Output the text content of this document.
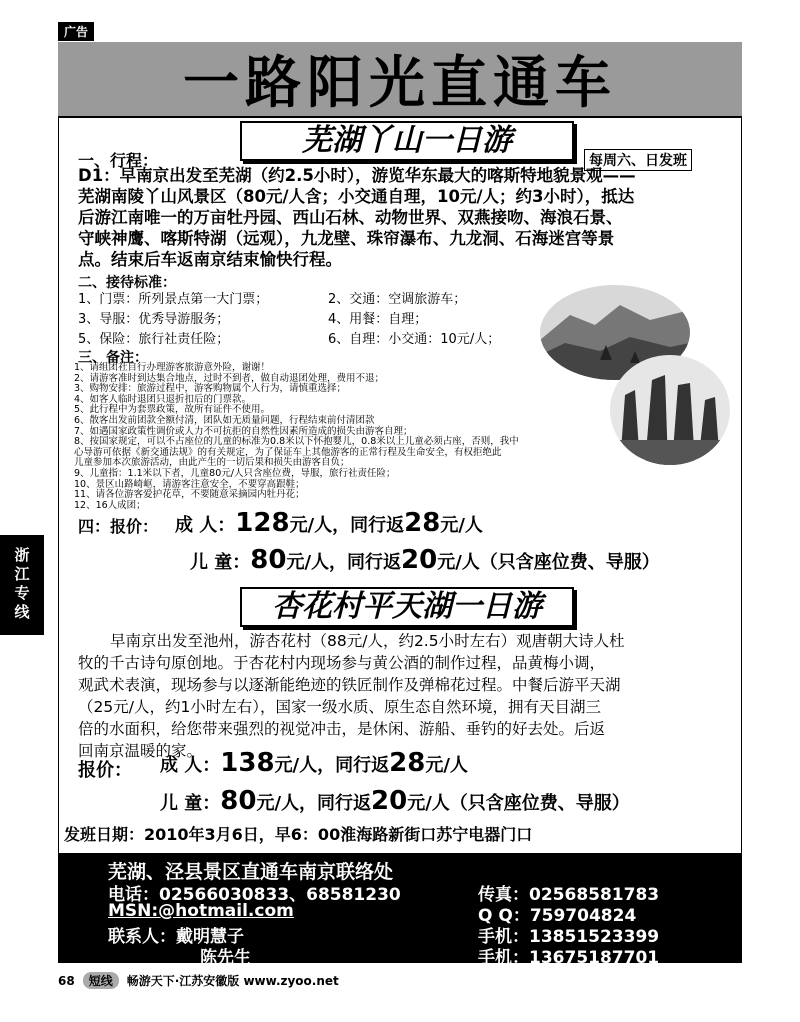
广告
一路阳光直通车
浙江专线
芜湖丫山一日游
一、行程：	每周六、日发班
D1：早南京出发至芜湖（约2.5小时），游览华东最大的喀斯特地貌景观——
芜湖南陵丫山风景区（80元/人含；小交通自理，10元/人；约3小时），抵达
后游江南唯一的万亩牡丹园、西山石林、动物世界、双燕接吻、海浪石景、
守峡神鹰、喀斯特湖（远观），九龙壁、珠帘瀑布、九龙洞、石海迷宫等景
点。结束后车返南京结束愉快行程。
二、接待标准：
1、门票：所列景点第一大门票；	2、交通：空调旅游车；
3、导服：优秀导游服务；	4、用餐：自理；
5、保险：旅行社责任险；	6、自理：小交通：10元/人；
三、备注：
1、请组团社自行办理游客旅游意外险，谢谢！
2、请游客准时到达集合地点，过时不到者，做自动退团处理，费用不退；
3、购物安排：旅游过程中，游客购物属个人行为，请慎重选择；
4、如客人临时退团只退折扣后的门票款。
5、此行程中为套票政策，故所有证件不使用。
6、散客出发前团款全额付清，团队如无质量问题，行程结束前付清团款
7、如遇国家政策性调价或人力不可抗拒的自然性因素所造成的损失由游客自理；
8、按国家规定，可以不占座位的儿童的标准为0.8米以下怀抱婴儿，0.8米以上儿童必须占座，否则，我中
心导游可依据《新交通法规》的有关规定，为了保证车上其他游客的正常行程及生命安全，有权拒绝此
儿童参加本次旅游活动，由此产生的一切后果和损失由游客自负；
9、儿童指：1.1米以下者，儿童80元/人只含座位费，导服，旅行社责任险；
10、景区山路崎岖，请游客注意安全，不要穿高跟鞋；
11、请各位游客爱护花草，不要随意采摘园内牡丹花；
12、16人成团；
四：报价： 成 人：128元/人，同行返28元/人
儿 童：80元/人，同行返20元/人（只含座位费、导服）
杏花村平天湖一日游
早南京出发至池州，游杏花村（88元/人，约2.5小时左右）观唐朝大诗人杜
牧的千古诗句原创地。于杏花村内现场参与黄公酒的制作过程，品黄梅小调，
观武术表演，现场参与以逐渐能绝迹的铁匠制作及弹棉花过程。中餐后游平天湖
（25元/人，约1小时左右），国家一级水质、原生态自然环境，拥有天目湖三
倍的水面积，给您带来强烈的视觉冲击，是休闲、游船、垂钓的好去处。后返
回南京温暖的家。
报价： 成 人：138元/人，同行返28元/人
儿 童：80元/人，同行返20元/人（只含座位费、导服）
发班日期：2010年3月6日，早6：00淮海路新街口苏宁电器门口
芜湖、泾县景区直通车南京联络处
电话：02566030833、68581230	传真：02568581783
MSN:@hotmail.com	Q Q：759704824
联系人：戴明慧子	手机：13851523399
陈先生	手机：13675187701
68 短线 畅游天下·江苏安徽版 www.zyoo.net
